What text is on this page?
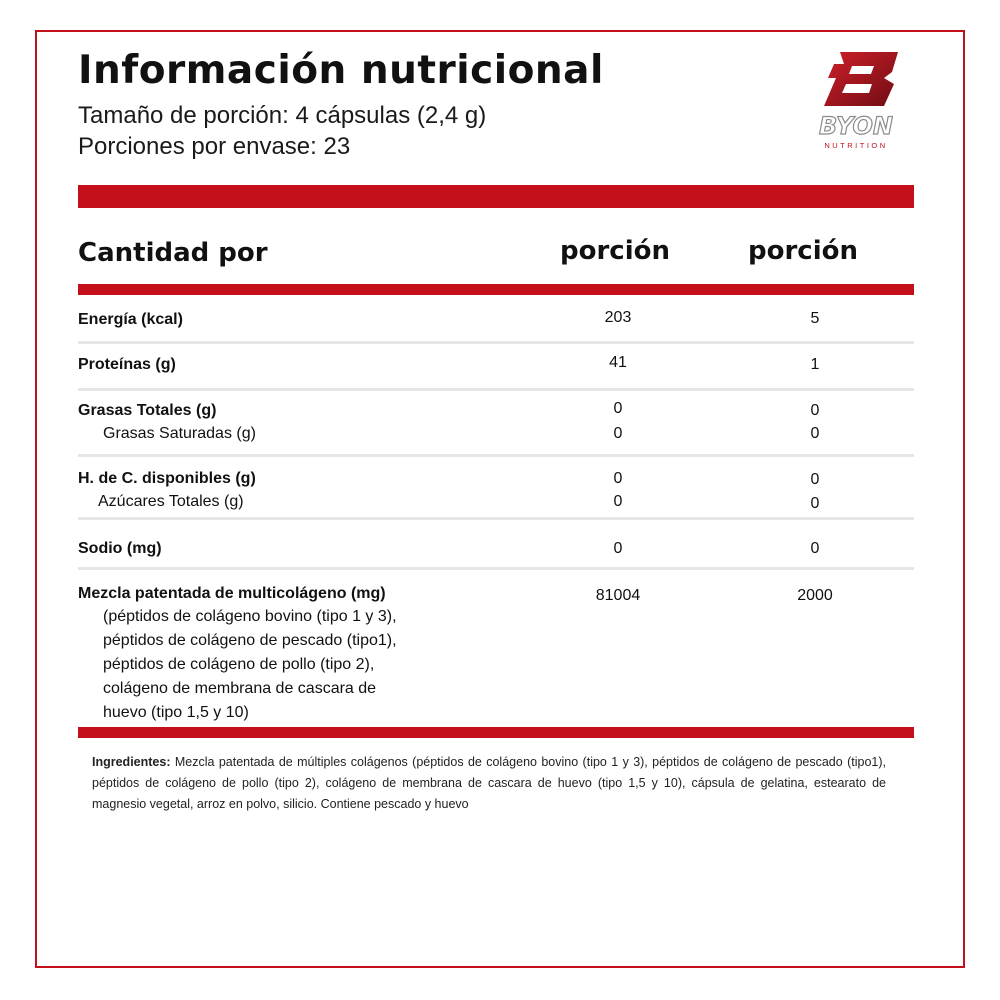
Información nutricional
Tamaño de porción: 4 cápsulas (2,4 g)
Porciones por envase: 23
BYON
NUTRITION
Cantidad por	porción	porción
Energía (kcal)	203	5
Proteínas (g)	41	1
Grasas Totales (g)	0	0
Grasas Saturadas (g)	0	0
H. de C. disponibles (g)	0	0
Azúcares Totales (g)	0	0
Sodio (mg)	0	0
Mezcla patentada de multicolágeno (mg)	81004	2000
(péptidos de colágeno bovino (tipo 1 y 3),
péptidos de colágeno de pescado (tipo1),
péptidos de colágeno de pollo (tipo 2),
colágeno de membrana de cascara de
huevo (tipo 1,5 y 10)
Ingredientes: Mezcla patentada de múltiples colágenos (péptidos de colágeno bovino (tipo 1 y 3), péptidos de colágeno de pescado (tipo1), péptidos de colágeno de pollo (tipo 2), colágeno de membrana de cascara de huevo (tipo 1,5 y 10), cápsula de gelatina, estearato de magnesio vegetal, arroz en polvo, silicio. Contiene pescado y huevo
